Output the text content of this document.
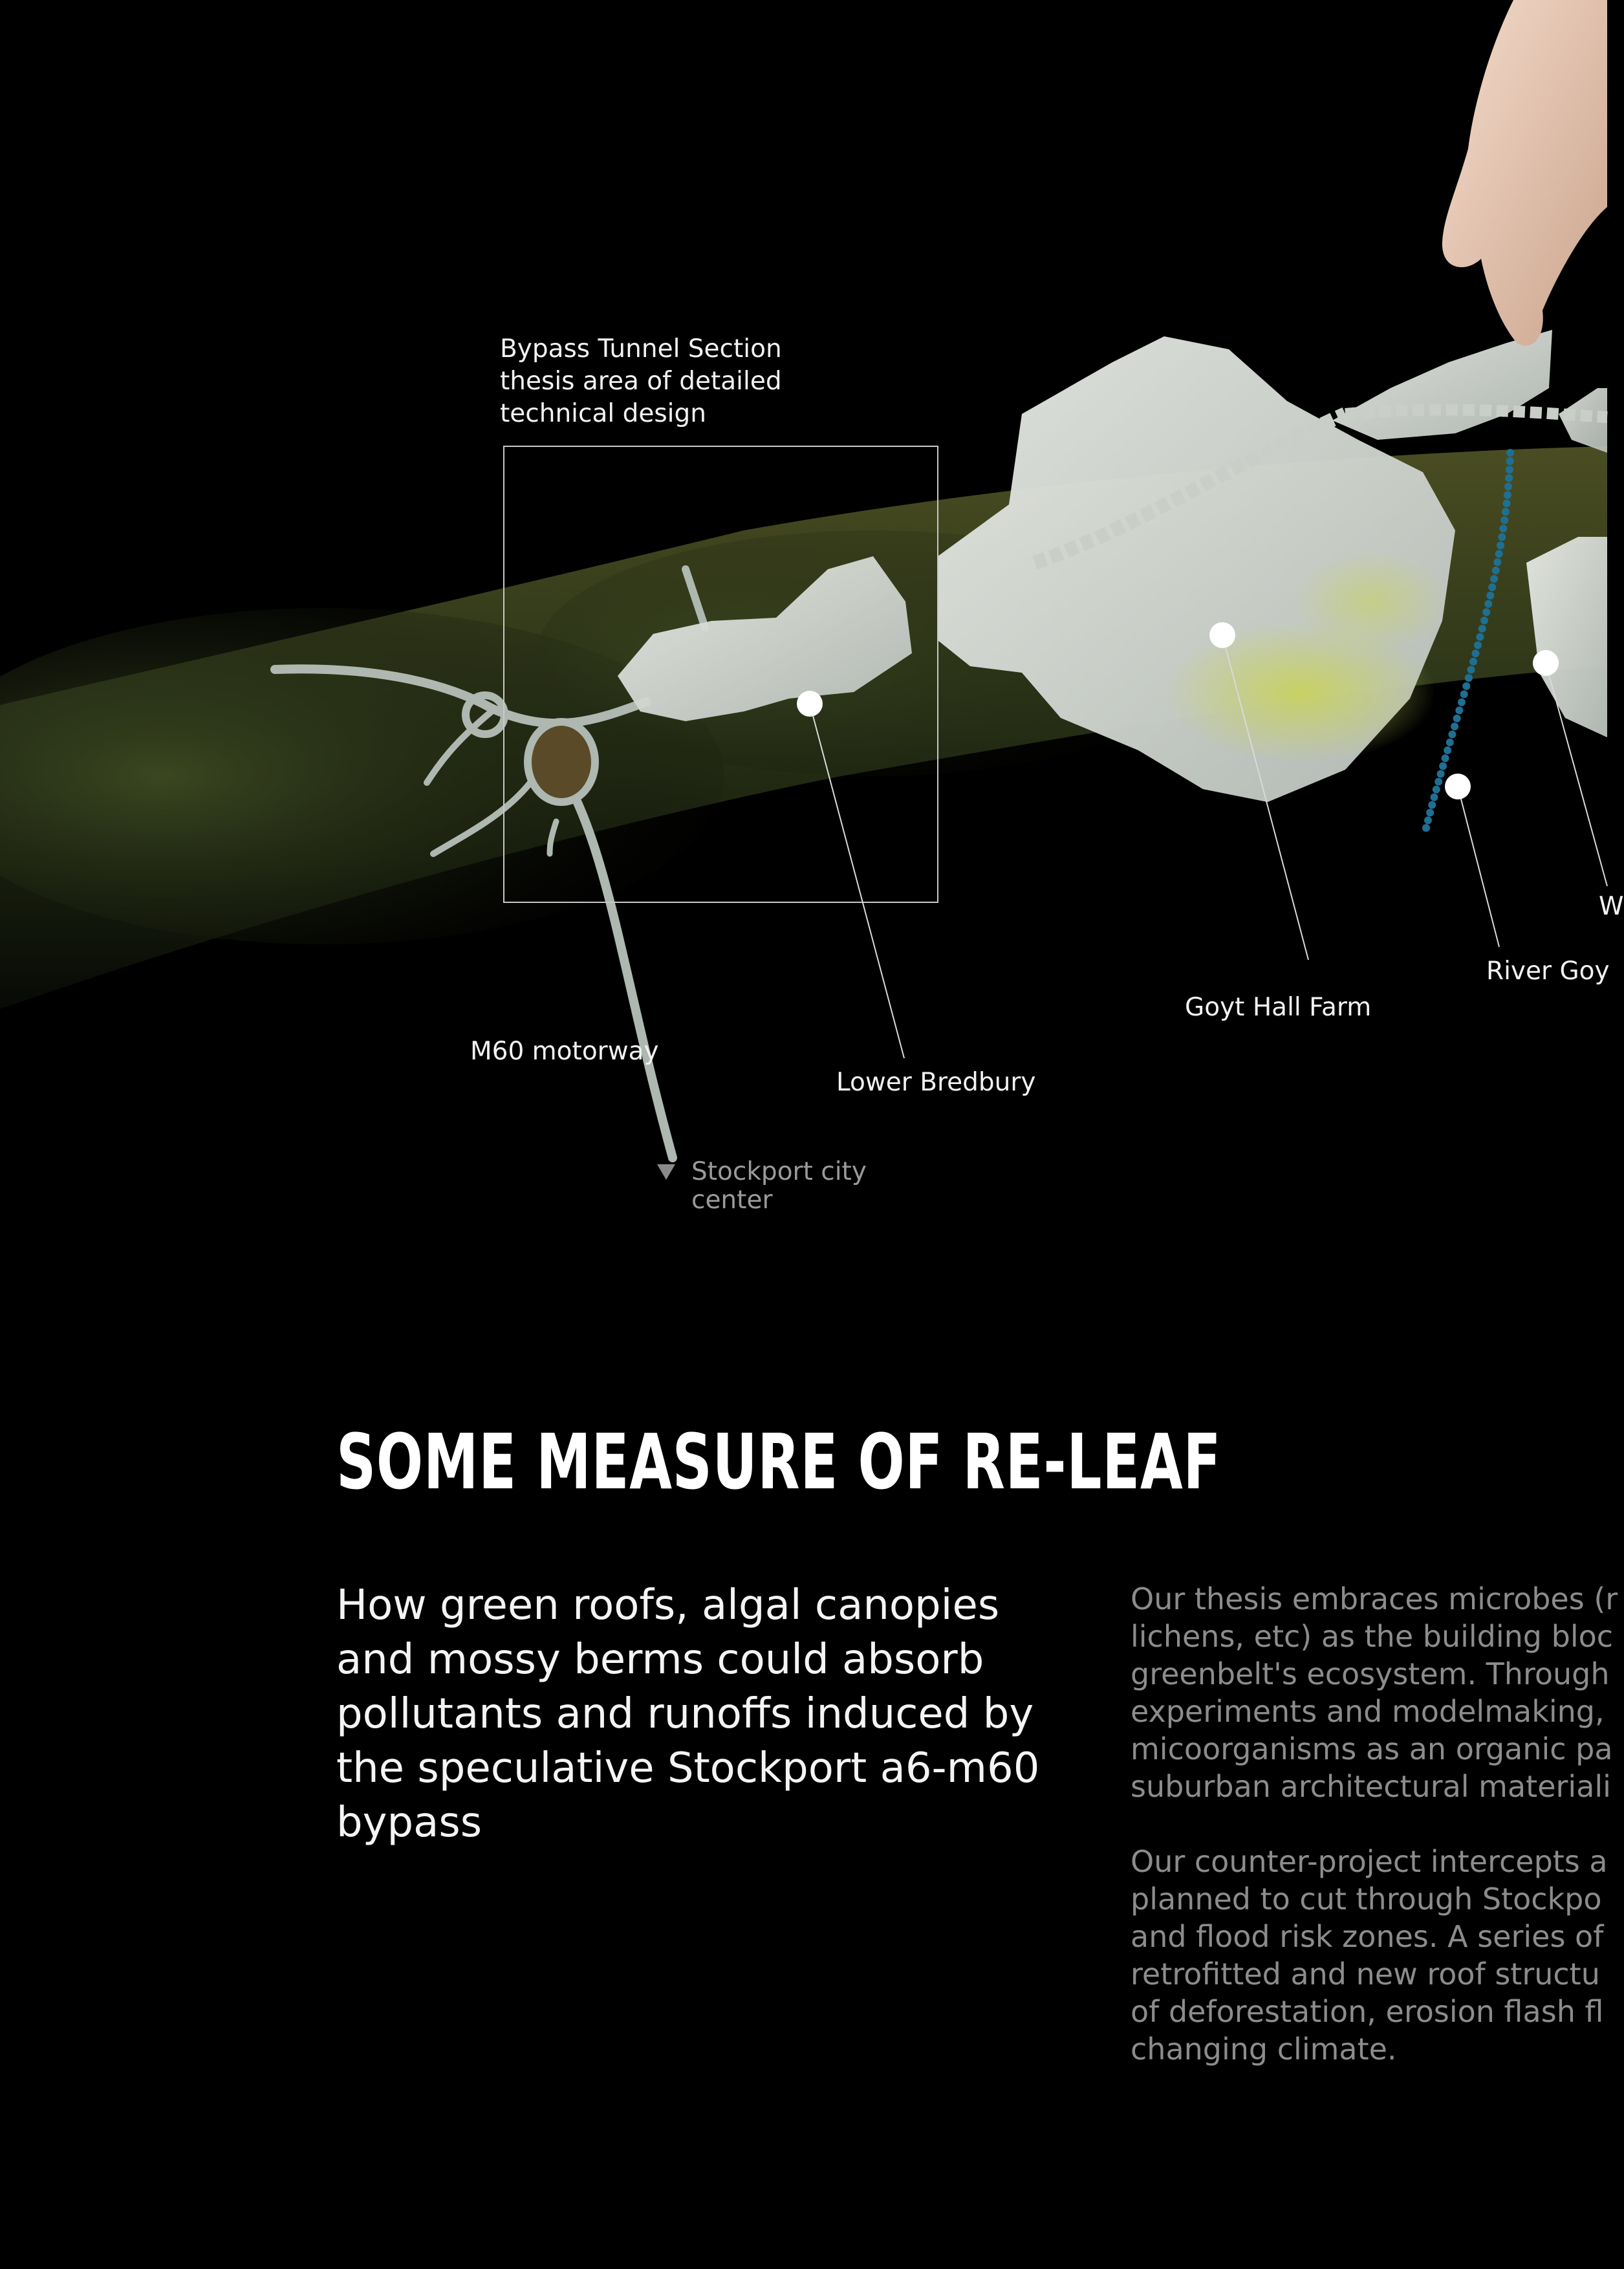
Bypass Tunnel Section
thesis area of detailed
technical design
M60 motorway
Lower Bredbury
Goyt Hall Farm
River Goy
W
Stockport city
center
SOME MEASURE OF RE-LEAF
How green roofs, algal canopies and mossy berms could absorb pollutants and runoffs induced by the speculative Stockport a6-m60 bypass

Our thesis embraces microbes (r
lichens, etc) as the building bloc
greenbelt's ecosystem. Through
experiments and modelmaking,
micoorganisms as an organic pa
suburban architectural materiali

Our counter-project intercepts a
planned to cut through Stockpo
and flood risk zones. A series of
retrofitted and new roof structu
of deforestation, erosion flash fl
changing climate.
